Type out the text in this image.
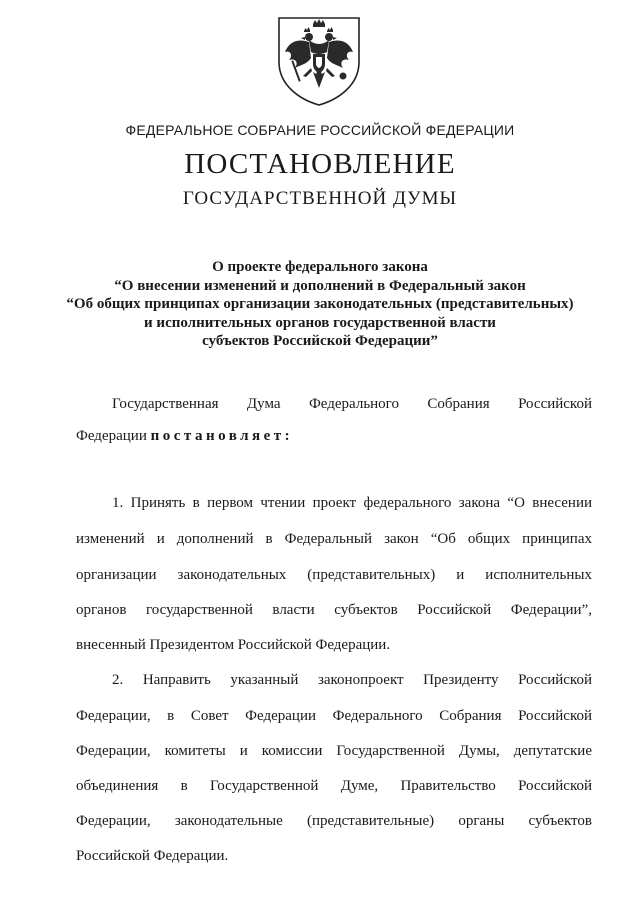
ФЕДЕРАЛЬНОЕ СОБРАНИЕ РОССИЙСКОЙ ФЕДЕРАЦИИ
ПОСТАНОВЛЕНИЕ
ГОСУДАРСТВЕННОЙ ДУМЫ
О проекте федерального закона
“О внесении изменений и дополнений в Федеральный закон
“Об общих принципах организации законодательных (представительных)
и исполнительных органов государственной власти
субъектов Российской Федерации”
Государственная Дума Федерального Собрания Российской
Федерации постановляет:
1. Принять в первом чтении проект федерального закона “О внесении
изменений и дополнений в Федеральный закон “Об общих принципах
организации законодательных (представительных) и исполнительных
органов государственной власти субъектов Российской Федерации”,
внесенный Президентом Российской Федерации.
2. Направить указанный законопроект Президенту Российской
Федерации, в Совет Федерации Федерального Собрания Российской
Федерации, комитеты и комиссии Государственной Думы, депутатские
объединения в Государственной Думе, Правительство Российской
Федерации, законодательные (представительные) органы субъектов
Российской Федерации.
